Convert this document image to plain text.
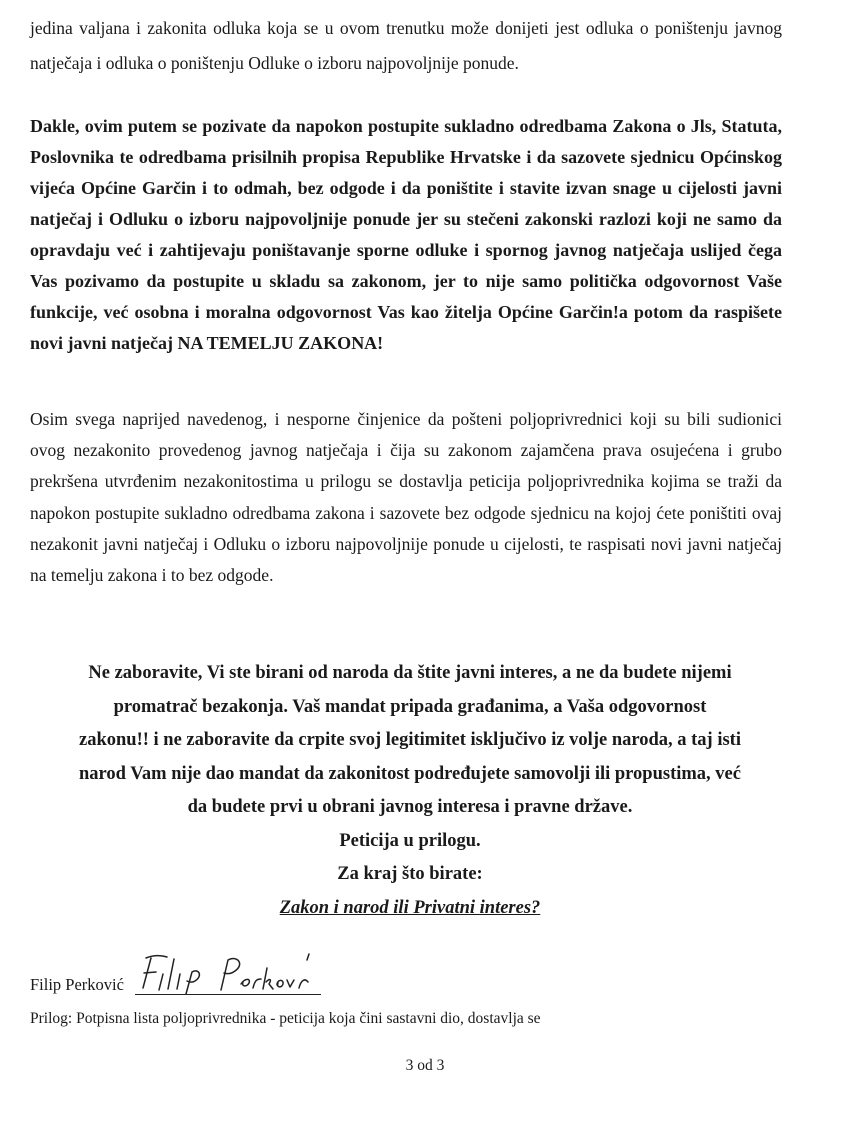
jedina valjana i zakonita odluka koja se u ovom trenutku može donijeti jest odluka o poništenju javnog natječaja i odluka o poništenju Odluke o izboru najpovoljnije ponude.

Dakle, ovim putem se pozivate da napokon postupite sukladno odredbama Zakona o Jls, Statuta, Poslovnika te odredbama prisilnih propisa Republike Hrvatske i da sazovete sjednicu Općinskog vijeća Općine Garčin i to odmah, bez odgode i da poništite i stavite izvan snage u cijelosti javni natječaj i Odluku o izboru najpovoljnije ponude jer su stečeni zakonski razlozi koji ne samo da opravdaju već i zahtijevaju poništavanje sporne odluke i spornog javnog natječaja uslijed čega Vas pozivamo da postupite u skladu sa zakonom, jer to nije samo politička odgovornost Vaše funkcije, već osobna i moralna odgovornost Vas kao žitelja Općine Garčin!a potom da raspišete novi javni natječaj NA TEMELJU ZAKONA!

Osim svega naprijed navedenog, i nesporne činjenice da pošteni poljoprivrednici koji su bili sudionici ovog nezakonito provedenog javnog natječaja i čija su zakonom zajamčena prava osujećena i grubo prekršena utvrđenim nezakonitostima u prilogu se dostavlja peticija poljoprivrednika kojima se traži da napokon postupite sukladno odredbama zakona i sazovete bez odgode sjednicu na kojoj ćete poništiti ovaj nezakonit javni natječaj i Odluku o izboru najpovoljnije ponude u cijelosti, te raspisati novi javni natječaj na temelju zakona i to bez odgode.

Ne zaboravite, Vi ste birani od naroda da štite javni interes, a ne da budete nijemi
promatrač bezakonja. Vaš mandat pripada građanima, a Vaša odgovornost
zakonu!! i ne zaboravite da crpite svoj legitimitet isključivo iz volje naroda, a taj isti
narod Vam nije dao mandat da zakonitost podređujete samovolji ili propustima, već
da budete prvi u obrani javnog interesa i pravne države.
Peticija u prilogu.
Za kraj što birate:
Zakon i narod ili Privatni interes?
Filip Perković
Prilog: Potpisna lista poljoprivrednika - peticija koja čini sastavni dio, dostavlja se
3 od 3
